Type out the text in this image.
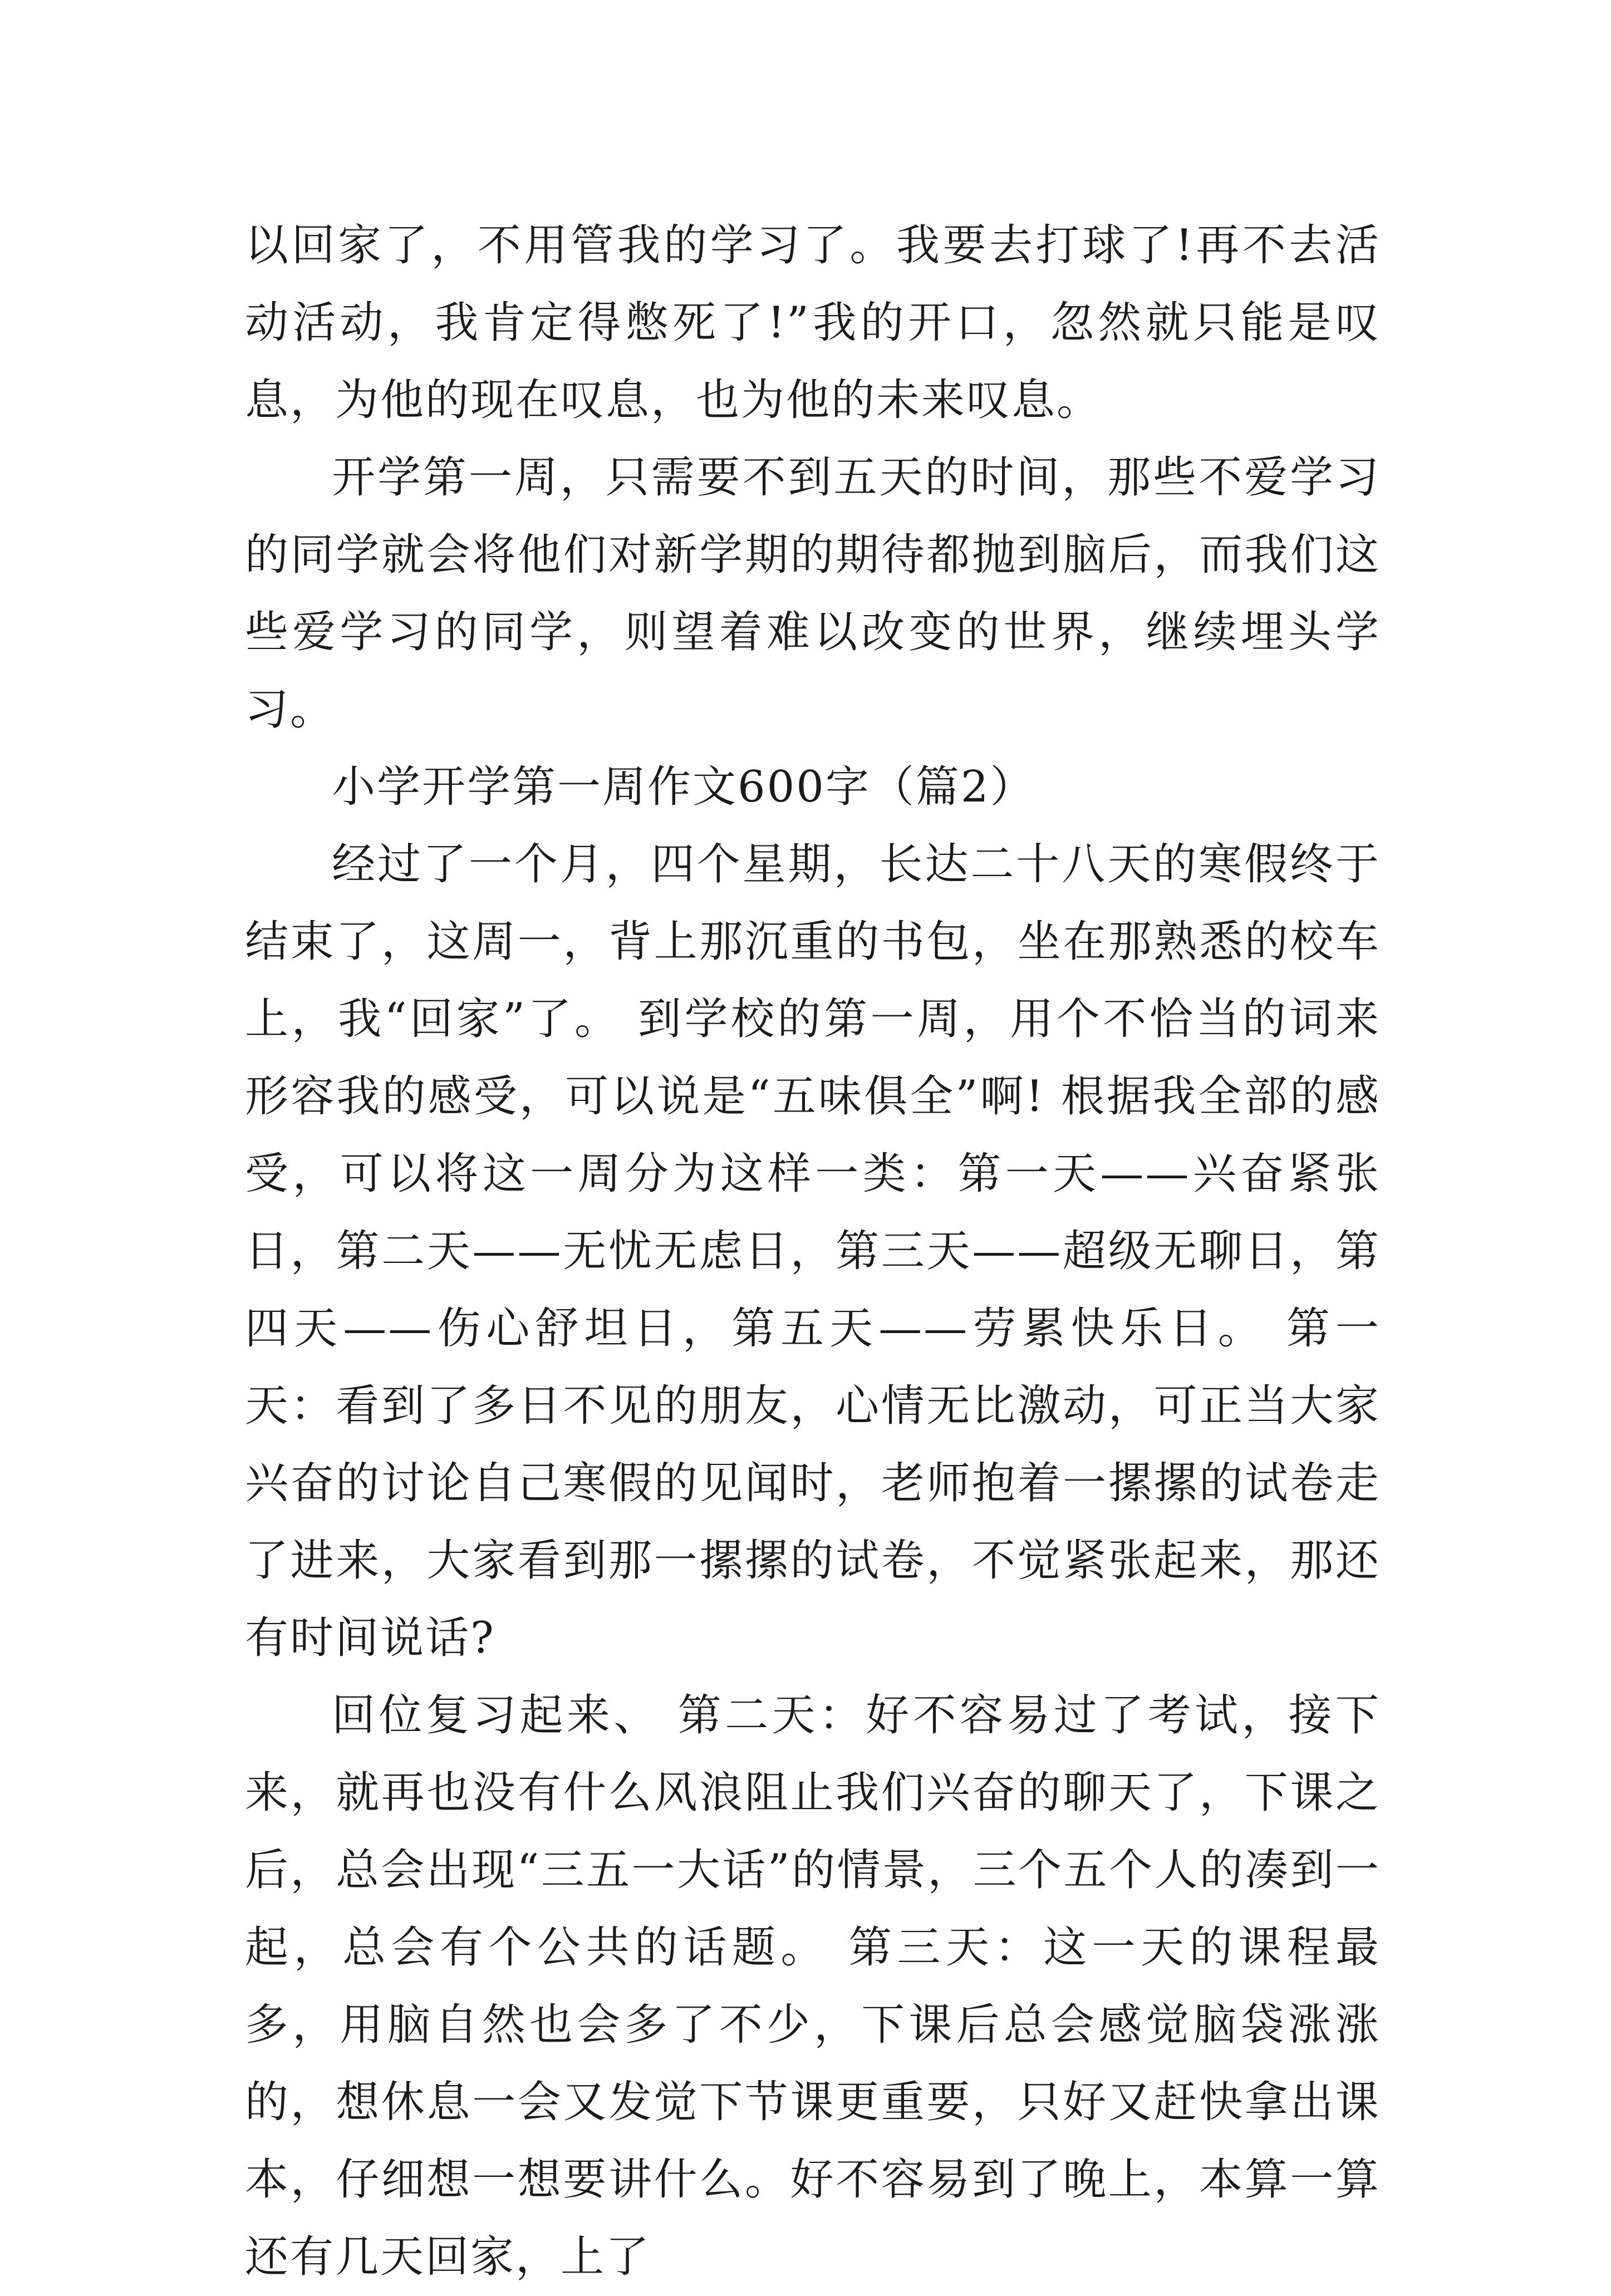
以回家了，不用管我的学习了。我要去打球了!再不去活动活动，我肯定得憋死了!”我的开口，忽然就只能是叹息，为他的现在叹息，也为他的未来叹息。

开学第一周，只需要不到五天的时间，那些不爱学习的同学就会将他们对新学期的期待都抛到脑后，而我们这些爱学习的同学，则望着难以改变的世界，继续埋头学习。

小学开学第一周作文600字（篇2）

经过了一个月，四个星期，长达二十八天的寒假终于结束了，这周一，背上那沉重的书包，坐在那熟悉的校车上，我“回家”了。 到学校的第一周，用个不恰当的词来形容我的感受，可以说是“五味俱全”啊! 根据我全部的感受，可以将这一周分为这样一类：第一天——兴奋紧张日，第二天——无忧无虑日，第三天——超级无聊日，第四天——伤心舒坦日，第五天——劳累快乐日。 第一天：看到了多日不见的朋友，心情无比激动，可正当大家兴奋的讨论自己寒假的见闻时，老师抱着一摞摞的试卷走了进来，大家看到那一摞摞的试卷，不觉紧张起来，那还有时间说话?

回位复习起来、 第二天：好不容易过了考试，接下来，就再也没有什么风浪阻止我们兴奋的聊天了，下课之后，总会出现“三五一大话”的情景，三个五个人的凑到一起，总会有个公共的话题。 第三天：这一天的课程最多，用脑自然也会多了不少，下课后总会感觉脑袋涨涨的，想休息一会又发觉下节课更重要，只好又赶快拿出课本，仔细想一想要讲什么。好不容易到了晚上，本算一算还有几天回家，上了
